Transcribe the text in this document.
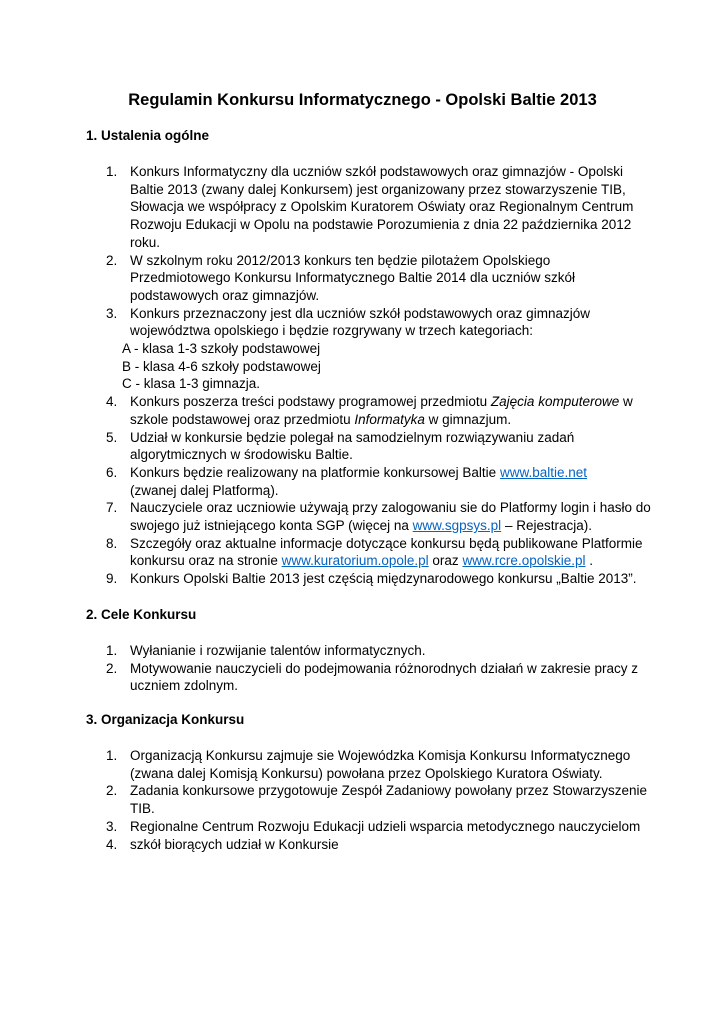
Regulamin Konkursu Informatycznego - Opolski Baltie 2013
1. Ustalenia ogólne
1. Konkurs Informatyczny dla uczniów szkół podstawowych oraz gimnazjów - Opolski Baltie 2013 (zwany dalej Konkursem) jest organizowany przez stowarzyszenie TIB, Słowacja we współpracy z Opolskim Kuratorem Oświaty oraz Regionalnym Centrum Rozwoju Edukacji w Opolu na podstawie Porozumienia z dnia 22 października 2012 roku.
2. W szkolnym roku 2012/2013 konkurs ten będzie pilotażem Opolskiego Przedmiotowego Konkursu Informatycznego Baltie 2014 dla uczniów szkół podstawowych oraz gimnazjów.
3. Konkurs przeznaczony jest dla uczniów szkół podstawowych oraz gimnazjów województwa opolskiego i będzie rozgrywany w trzech kategoriach:
A - klasa 1-3 szkoły podstawowej
B - klasa 4-6 szkoły podstawowej
C - klasa 1-3 gimnazja.
4. Konkurs poszerza treści podstawy programowej przedmiotu Zajęcia komputerowe w szkole podstawowej oraz przedmiotu Informatyka w gimnazjum.
5. Udział w konkursie będzie polegał na samodzielnym rozwiązywaniu zadań algorytmicznych w środowisku Baltie.
6. Konkurs będzie realizowany na platformie konkursowej Baltie www.baltie.net
(zwanej dalej Platformą).
7. Nauczyciele oraz uczniowie używają przy zalogowaniu sie do Platformy login i hasło do swojego już istniejącego konta SGP (więcej na www.sgpsys.pl – Rejestracja).
8. Szczegóły oraz aktualne informacje dotyczące konkursu będą publikowane Platformie konkursu oraz na stronie www.kuratorium.opole.pl oraz www.rcre.opolskie.pl .
9. Konkurs Opolski Baltie 2013 jest częścią międzynarodowego konkursu „Baltie 2013”.
2. Cele Konkursu
1. Wyłanianie i rozwijanie talentów informatycznych.
2. Motywowanie nauczycieli do podejmowania różnorodnych działań w zakresie pracy z uczniem zdolnym.
3. Organizacja Konkursu
1. Organizacją Konkursu zajmuje sie Wojewódzka Komisja Konkursu Informatycznego (zwana dalej Komisją Konkursu) powołana przez Opolskiego Kuratora Oświaty.
2. Zadania konkursowe przygotowuje Zespół Zadaniowy powołany przez Stowarzyszenie TIB.
3. Regionalne Centrum Rozwoju Edukacji udzieli wsparcia metodycznego nauczycielom
4. szkół biorących udział w Konkursie
